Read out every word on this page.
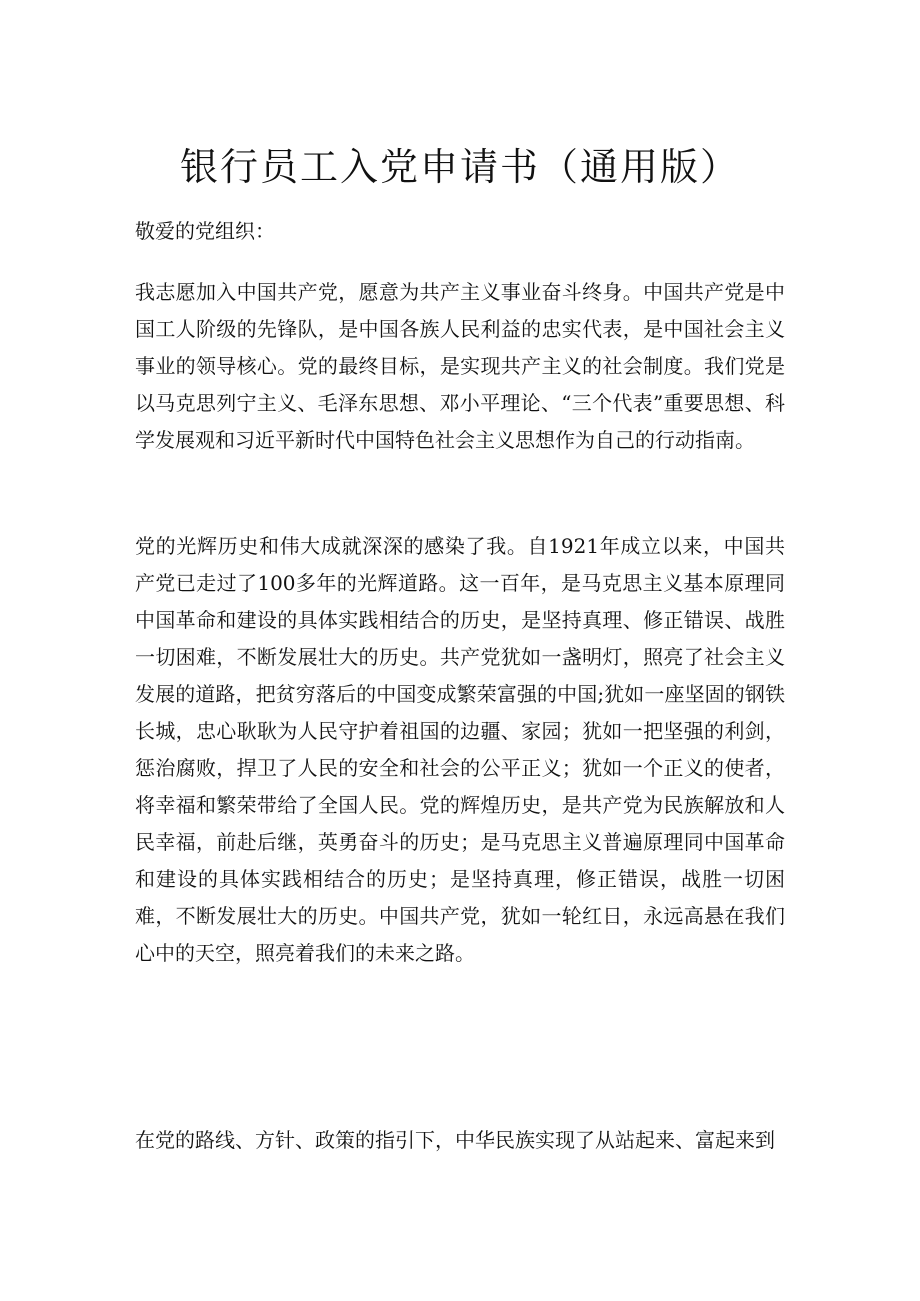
银行员工入党申请书（通用版）

敬爱的党组织：

我志愿加入中国共产党，愿意为共产主义事业奋斗终身。中国共产党是中国工人阶级的先锋队，是中国各族人民利益的忠实代表，是中国社会主义事业的领导核心。党的最终目标，是实现共产主义的社会制度。我们党是以马克思列宁主义、毛泽东思想、邓小平理论、“三个代表”重要思想、科学发展观和习近平新时代中国特色社会主义思想作为自己的行动指南。

党的光辉历史和伟大成就深深的感染了我。自1921年成立以来，中国共产党已走过了100多年的光辉道路。这一百年，是马克思主义基本原理同中国革命和建设的具体实践相结合的历史，是坚持真理、修正错误、战胜一切困难，不断发展壮大的历史。共产党犹如一盏明灯，照亮了社会主义发展的道路，把贫穷落后的中国变成繁荣富强的中国;犹如一座坚固的钢铁长城，忠心耿耿为人民守护着祖国的边疆、家园；犹如一把坚强的利剑，惩治腐败，捍卫了人民的安全和社会的公平正义；犹如一个正义的使者，将幸福和繁荣带给了全国人民。党的辉煌历史，是共产党为民族解放和人民幸福，前赴后继，英勇奋斗的历史；是马克思主义普遍原理同中国革命和建设的具体实践相结合的历史；是坚持真理，修正错误，战胜一切困难，不断发展壮大的历史。中国共产党，犹如一轮红日，永远高悬在我们心中的天空，照亮着我们的未来之路。

在党的路线、方针、政策的指引下，中华民族实现了从站起来、富起来到
